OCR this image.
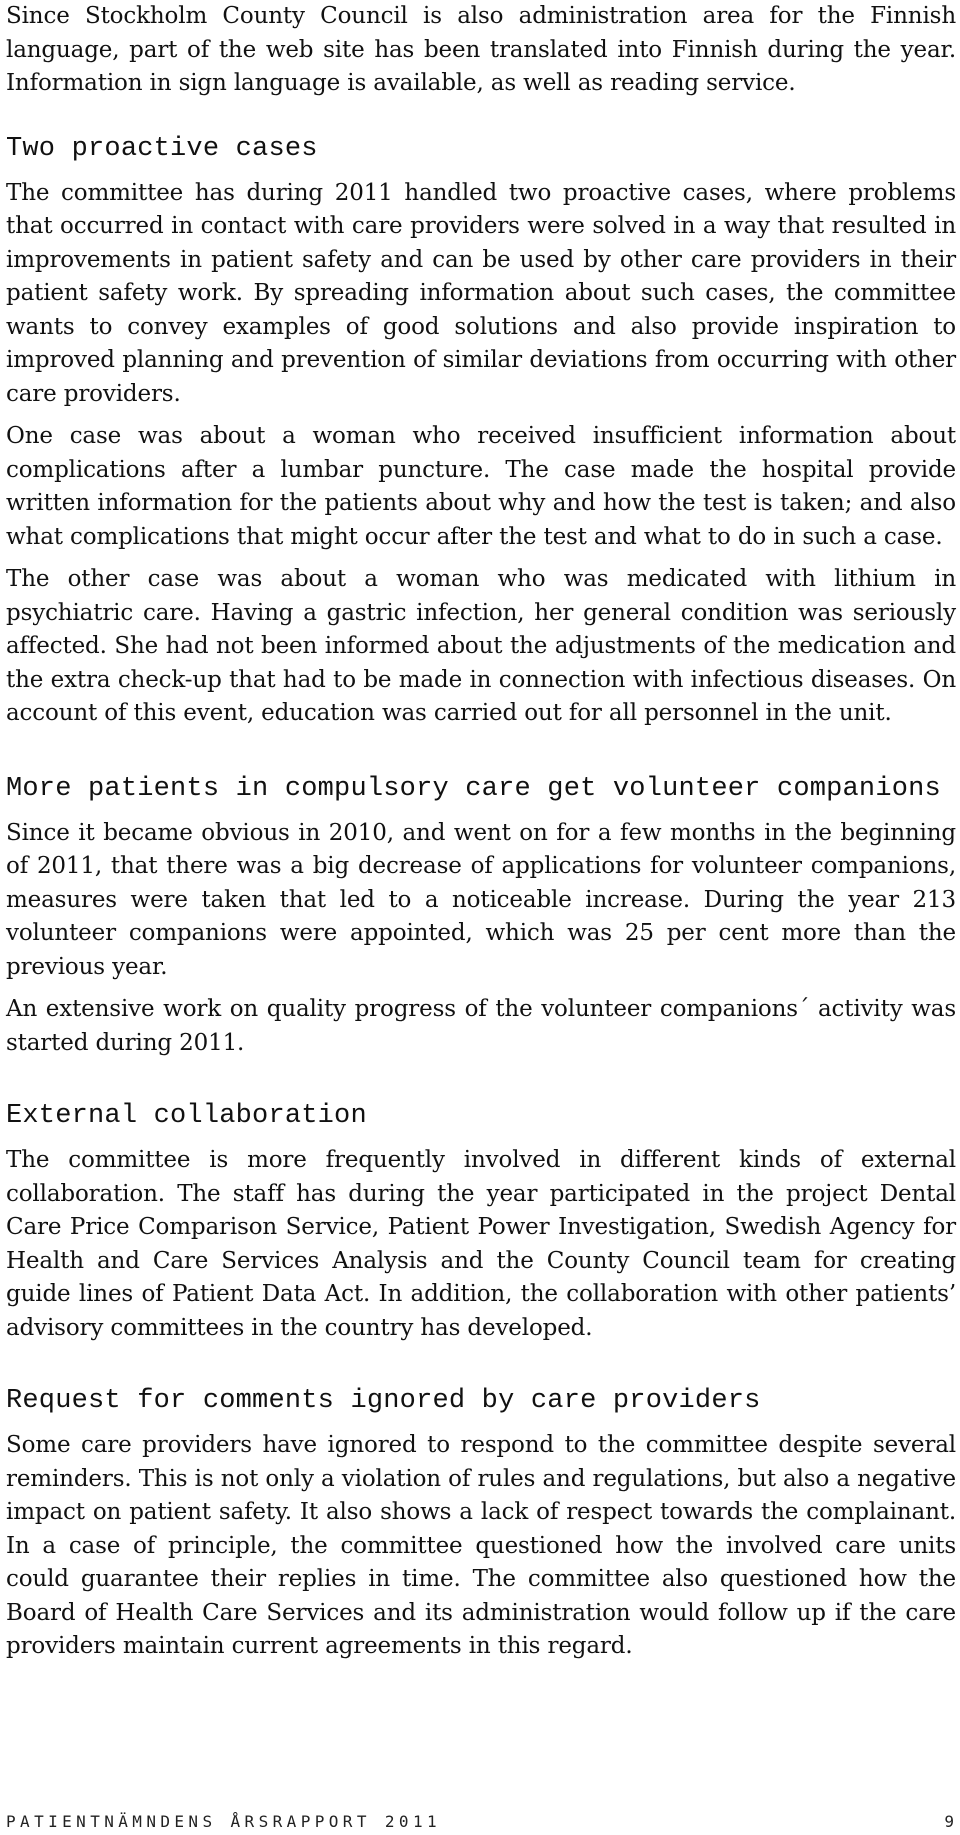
Since Stockholm County Council is also administration area for the Finnish language, part of the web site has been translated into Finnish during the year. Information in sign language is available, as well as reading service.

Two proactive cases

The committee has during 2011 handled two proactive cases, where problems that occurred in contact with care providers were solved in a way that resulted in improvements in patient safety and can be used by other care providers in their patient safety work. By spreading information about such cases, the committee wants to convey examples of good solutions and also provide inspiration to improved planning and prevention of similar deviations from occurring with other care providers.

One case was about a woman who received insufficient information about complications after a lumbar puncture. The case made the hospital provide written information for the patients about why and how the test is taken; and also what complications that might occur after the test and what to do in such a case.

The other case was about a woman who was medicated with lithium in psychiatric care. Having a gastric infection, her general condition was seriously affected. She had not been informed about the adjustments of the medication and the extra check-up that had to be made in connection with infectious diseases. On account of this event, education was carried out for all personnel in the unit.

More patients in compulsory care get volunteer companions

Since it became obvious in 2010, and went on for a few months in the beginning of 2011, that there was a big decrease of applications for volunteer companions, measures were taken that led to a noticeable increase. During the year 213 volunteer companions were appointed, which was 25 per cent more than the previous year.

An extensive work on quality progress of the volunteer companions´ activity was started during 2011.

External collaboration

The committee is more frequently involved in different kinds of external collaboration. The staff has during the year participated in the project Dental Care Price Comparison Service, Patient Power Investigation, Swedish Agency for Health and Care Services Analysis and the County Council team for creating guide lines of Patient Data Act. In addition, the collaboration with other patients’ advisory committees in the country has developed.

Request for comments ignored by care providers

Some care providers have ignored to respond to the committee despite several reminders. This is not only a violation of rules and regulations, but also a negative impact on patient safety. It also shows a lack of respect towards the complainant. In a case of principle, the committee questioned how the involved care units could guarantee their replies in time. The committee also questioned how the Board of Health Care Services and its administration would follow up if the care providers maintain current agreements in this regard.

PATIENTNÄMNDENS ÅRSRAPPORT 2011	9
